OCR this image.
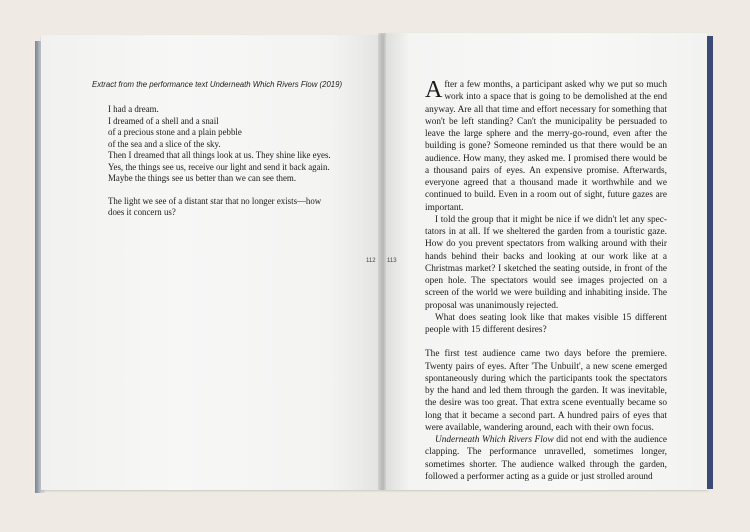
Extract from the performance text Underneath Which Rivers Flow (2019)

I had a dream.

I dreamed of a shell and a snail

of a precious stone and a plain pebble

of the sea and a slice of the sky.

Then I dreamed that all things look at us. They shine like eyes.

Yes, the things see us, receive our light and send it back again.

Maybe the things see us better than we can see them.

The light we see of a distant star that no longer exists—how

does it concern us?

112 113

After a few months, a participant asked why we put so much work into a space that is going to be demolished at the end anyway. Are all that time and effort necessary for something that won't be left standing? Can't the municipality be persuaded to leave the large sphere and the merry-go-round, even after the building is gone? Someone reminded us that there would be an audience. How many, they asked me. I promised there would be a thousand pairs of eyes. An expensive promise. Afterwards, everyone agreed that a thousand made it worthwhile and we continued to build. Even in a room out of sight, future gazes are important.

I told the group that it might be nice if we didn't let any spectators in at all. If we sheltered the garden from a touristic gaze. How do you prevent spectators from walking around with their hands behind their backs and looking at our work like at a Christmas market? I sketched the seating outside, in front of the open hole. The spectators would see images projected on a screen of the world we were building and inhabiting inside. The proposal was unanimously rejected.

What does seating look like that makes visible 15 different people with 15 different desires?

The first test audience came two days before the premiere. Twenty pairs of eyes. After 'The Unbuilt', a new scene emerged spontaneously during which the participants took the spectators by the hand and led them through the garden. It was inevitable, the desire was too great. That extra scene eventually became so long that it became a second part. A hundred pairs of eyes that were available, wandering around, each with their own focus.

Underneath Which Rivers Flow did not end with the audience clapping. The performance unravelled, sometimes longer, sometimes shorter. The audience walked through the garden, followed a performer acting as a guide or just strolled around
